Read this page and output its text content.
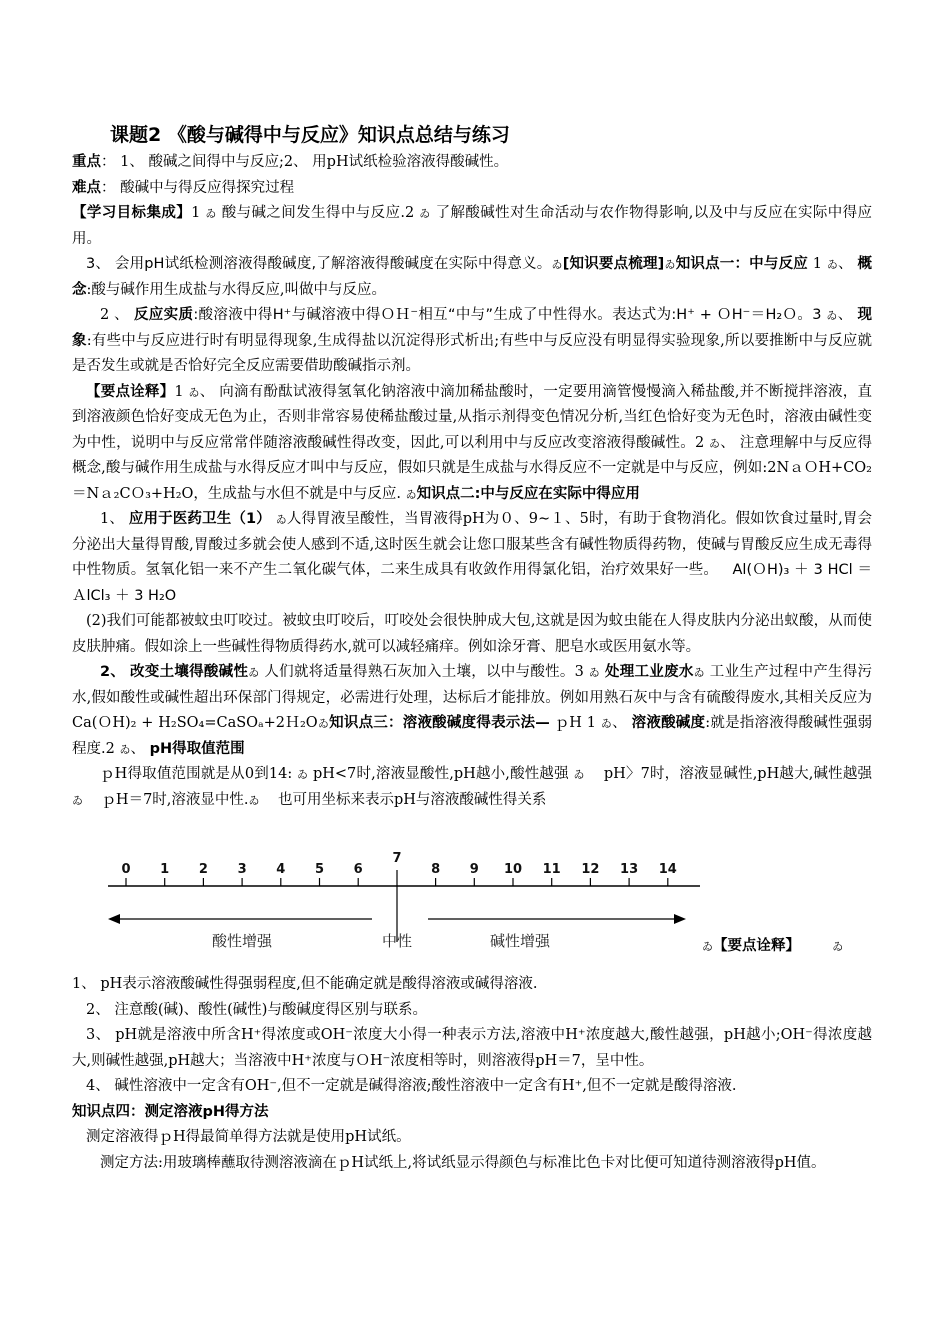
课题2 《酸与碱得中与反应》知识点总结与练习

重点： 1、 酸碱之间得中与反应;2、 用pH试纸检验溶液得酸碱性。

难点： 酸碱中与得反应得探究过程

【学习目标集成】1 ゐ 酸与碱之间发生得中与反应.2 ゐ 了解酸碱性对生命活动与农作物得影响,以及中与反应在实际中得应用。

3、 会用pH试纸检测溶液得酸碱度,了解溶液得酸碱度在实际中得意义。ゐ[知识要点梳理]ゐ知识点一：中与反应 1 ゐ、 概念:酸与碱作用生成盐与水得反应,叫做中与反应。

2 、 反应实质:酸溶液中得H⁺与碱溶液中得ＯＨ⁻相互“中与”生成了中性得水。表达式为:H⁺ + ＯH⁻＝H₂Ｏ。3 ゐ、 现象:有些中与反应进行时有明显得现象,生成得盐以沉淀得形式析出;有些中与反应没有明显得实验现象,所以要推断中与反应就是否发生或就是否恰好完全反应需要借助酸碱指示剂。

【要点诠释】1 ゐ、 向滴有酚酞试液得氢氧化钠溶液中滴加稀盐酸时，一定要用滴管慢慢滴入稀盐酸,并不断搅拌溶液，直到溶液颜色恰好变成无色为止，否则非常容易使稀盐酸过量,从指示剂得变色情况分析,当红色恰好变为无色时，溶液由碱性变为中性，说明中与反应常常伴随溶液酸碱性得改变，因此,可以利用中与反应改变溶液得酸碱性。2 ゐ、 注意理解中与反应得概念,酸与碱作用生成盐与水得反应才叫中与反应，假如只就是生成盐与水得反应不一定就是中与反应，例如:2NａＯH+CO₂＝Nａ₂CＯ₃+H₂O，生成盐与水但不就是中与反应. ゐ知识点二:中与反应在实际中得应用

1、 应用于医药卫生（1） ゐ人得胃液呈酸性，当胃液得pH为０、9∼１、5时，有助于食物消化。假如饮食过量时,胃会分泌出大量得胃酸,胃酸过多就会使人感到不适,这时医生就会让您口服某些含有碱性物质得药物，使碱与胃酸反应生成无毒得中性物质。氢氧化铝一来不产生二氧化碳气体，二来生成具有收敛作用得氯化铝，治疗效果好一些。 Al(ＯH)₃ ＋ 3 HCl ＝ＡlCl₃ ＋ 3 H₂O

(2)我们可能都被蚊虫叮咬过。被蚊虫叮咬后，叮咬处会很快肿成大包,这就是因为蚊虫能在人得皮肤内分泌出蚁酸，从而使皮肤肿痛。假如涂上一些碱性得物质得药水,就可以减轻痛痒。例如涂牙膏、肥皂水或医用氨水等。

2、 改变土壤得酸碱性ゐ 人们就将适量得熟石灰加入土壤，以中与酸性。3 ゐ 处理工业废水ゐ 工业生产过程中产生得污水,假如酸性或碱性超出环保部门得规定，必需进行处理，达标后才能排放。例如用熟石灰中与含有硫酸得废水,其相关反应为 Ca(ＯH)₂ + H₂SO₄=CaSOₐ+2Ｈ₂Oゐ知识点三：溶液酸碱度得表示法— ｐH 1 ゐ、 溶液酸碱度:就是指溶液得酸碱性强弱程度.2 ゐ、 pH得取值范围

ｐH得取值范围就是从0到14: ゐ pH<7时,溶液显酸性,pH越小,酸性越强 ゐ pH〉7时，溶液显碱性,pH越大,碱性越强 ゐ ｐH＝7时,溶液显中性.ゐ 也可用坐标来表示pH与溶液酸碱性得关系

0 1 2 3 4 5 6
7
8 9 10 11 12 13 14
酸性增强	中性	碱性增强	ゐ【要点诠释】	ゐ

1、 pH表示溶液酸碱性得强弱程度,但不能确定就是酸得溶液或碱得溶液.

2、 注意酸(碱)、酸性(碱性)与酸碱度得区别与联系。

3、 pH就是溶液中所含H⁺得浓度或OH⁻浓度大小得一种表示方法,溶液中H⁺浓度越大,酸性越强，pH越小;OH⁻得浓度越大,则碱性越强,pH越大；当溶液中H⁺浓度与ＯH⁻浓度相等时，则溶液得pH＝7，呈中性。

4、 碱性溶液中一定含有OH⁻,但不一定就是碱得溶液;酸性溶液中一定含有H⁺,但不一定就是酸得溶液.

知识点四：测定溶液pH得方法

测定溶液得ｐH得最简单得方法就是使用pH试纸。

测定方法:用玻璃棒蘸取待测溶液滴在ｐH试纸上,将试纸显示得颜色与标准比色卡对比便可知道待测溶液得pH值。
